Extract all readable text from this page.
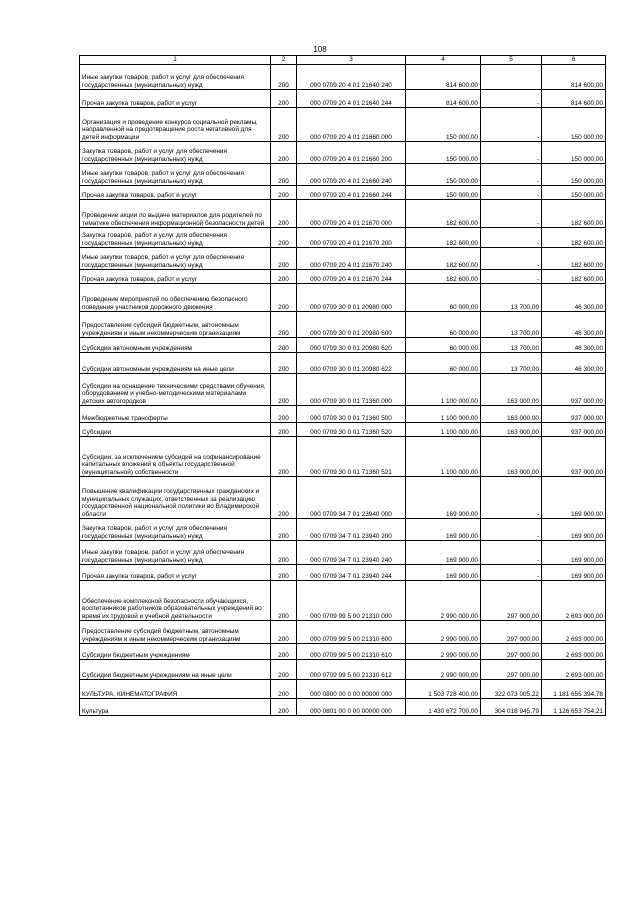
108
1	2	3	4	5	6
Иные закупки товаров, работ и услуг для обеспечения государственных (муниципальных) нужд	200	000 0709 20 4 01 21640 240	814 600,00		814 600,00
Прочая закупка товаров, работ и услуг	200	000 0709 20 4 01 21640 244	814 600,00	-	814 600,00
Организация и проведение конкурса социальной рекламы, направленной на предотвращение роста негативной для детей информации	200	000 0709 20 4 01 21660 000	150 000,00	-	150 000,00
Закупка товаров, работ и услуг для обеспечения государственных (муниципальных) нужд	200	000 0709 20 4 01 21660 200	150 000,00	-	150 000,00
Иные закупки товаров, работ и услуг для обеспечения государственных (муниципальных) нужд	200	000 0709 20 4 01 21660 240	150 000,00	-	150 000,00
Прочая закупка товаров, работ и услуг	200	000 0709 20 4 01 21660 244	150 000,00	-	150 000,00
Проведение акции по выдаче материалов для родителей по тематике обеспечения информационной безопасности детей	200	000 0709 20 4 01 21670 000	182 600,00	-	182 600,00
Закупка товаров, работ и услуг для обеспечения государственных (муниципальных) нужд	200	000 0709 20 4 01 21670 200	182 600,00	-	182 600,00
Иные закупки товаров, работ и услуг для обеспечения государственных (муниципальных) нужд	200	000 0709 20 4 01 21670 240	182 600,00	-	182 600,00
Прочая закупка товаров, работ и услуг	200	000 0709 20 4 01 21670 244	182 600,00	-	182 600,00
Проведение мероприятий по обеспечению безопасного поведения участников дорожного движения	200	000 0709 30 0 01 20980 000	60 000,00	13 700,00	46 300,00
Предоставление субсидий бюджетным, автономным учреждениям и иным некоммерческим организациям	200	000 0709 30 0 01 20980 600	60 000,00	13 700,00	46 300,00
Субсидии автономным учреждениям	200	000 0709 30 0 01 20980 620	60 000,00	13 700,00	46 300,00
Субсидии автономным учреждениям на иные цели	200	000 0709 30 0 01 20980 622	60 000,00	13 700,00	46 300,00
Субсидии на оснащение техническими средствами обучения, оборудованием и учебно-методическими материалами детских автогородков	200	000 0709 30 0 01 71360 000	1 100 000,00	163 000,00	937 000,00
Межбюджетные трансферты	200	000 0709 30 0 01 71360 500	1 100 000,00	163 000,00	937 000,00
Субсидии	200	000 0709 30 0 01 71360 520	1 100 000,00	163 000,00	937 000,00
Субсидии, за исключением субсидий на софинансирование капитальных вложений в объекты государственной (муниципальной) собственности	200	000 0709 30 0 01 71360 521	1 100 000,00	163 000,00	937 000,00
Повышение квалификации государственных гражданских и муниципальных служащих, ответственных за реализацию государственной национальной политики во Владимирской области	200	000 0709 34 7 01 23940 000	169 900,00	-	169 900,00
Закупка товаров, работ и услуг для обеспечения государственных (муниципальных) нужд	200	000 0709 34 7 01 23940 200	169 900,00	-	169 900,00
Иные закупки товаров, работ и услуг для обеспечения государственных (муниципальных) нужд	200	000 0709 34 7 01 23940 240	169 900,00	-	169 900,00
Прочая закупка товаров, работ и услуг	200	000 0709 34 7 01 23940 244	169 900,00	-	169 900,00
Обеспечение комплексной безопасности обучающихся, воспитанников работников образовательных учреждений во время их трудовой и учебной деятельности	200	000 0709 99 5 00 21310 000	2 990 000,00	297 000,00	2 693 000,00
Предоставление субсидий бюджетным, автономным учреждениям и иным некоммерческим организациям	200	000 0709 99 5 00 21310 600	2 990 000,00	297 000,00	2 693 000,00
Субсидии бюджетным учреждениям	200	000 0709 99 5 00 21310 610	2 990 000,00	297 000,00	2 693 000,00
Субсидии бюджетным учреждениям на иные цели	200	000 0709 99 5 00 21310 612	2 990 000,00	297 000,00	2 693 000,00
КУЛЬТУРА, КИНЕМАТОГРАФИЯ	200	000 0800 00 0 00 00000 000	1 503 728 400,00	322 073 005,22	1 181 655 394,78
Культура	200	000 0801 00 0 00 00000 000	1 430 672 700,00	304 018 945,79	1 126 653 754,21
